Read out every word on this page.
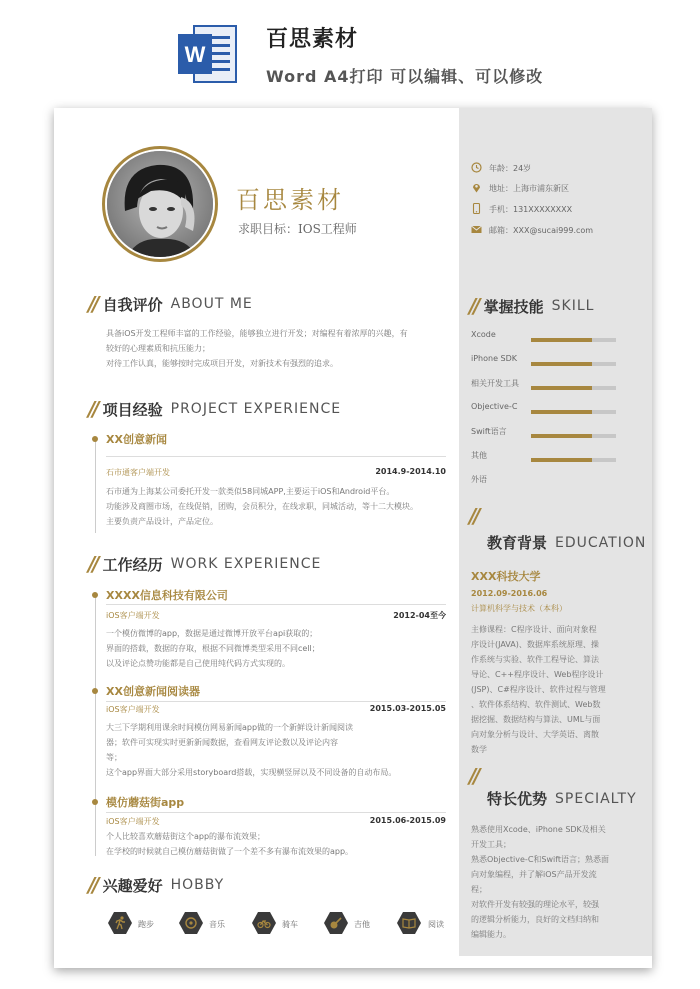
W
百思素材
Word A4打印 可以编辑、可以修改
百思素材
求职目标：IOS工程师
// 自我评价 ABOUT ME
具备iOS开发工程师丰富的工作经验，能够独立进行开发；对编程有着浓厚的兴趣，有
较好的心理素质和抗压能力；
对待工作认真，能够按时完成项目开发，对新技术有强烈的追求。
// 项目经验 PROJECT EXPERIENCE
XX创意新闻
石市通客户端开发	2014.9-2014.10
石市通为上海某公司委托开发一款类似58同城APP,主要运于iOS和Android平台。
功能涉及商圈市场，在线促销，团购，会员积分，在线求职，同城活动，等十二大模块。
主要负责产品设计，产品定位。
// 工作经历 WORK EXPERIENCE
XXXX信息科技有限公司
iOS客户端开发	2012-04至今
一个模仿微博的app，数据是通过微博开放平台api获取的；
界面的搭载，数据的存取，根据不同微博类型采用不同cell；
以及评论点赞功能都是自己使用纯代码方式实现的。
XX创意新闻阅读器
iOS客户端开发	2015.03-2015.05
大三下学期利用课余时间模仿网易新闻app做的一个新鲜设计新闻阅读
器；软件可实现实时更新新闻数据，查看网友评论数以及评论内容
等；
这个app界面大部分采用storyboard搭载，实现横竖屏以及不同设备的自动布局。
模仿蘑菇街app
iOS客户端开发	2015.06-2015.09
个人比较喜欢蘑菇街这个app的瀑布流效果；
在学校的时候就自己模仿蘑菇街做了一个差不多有瀑布流效果的app。
// 兴趣爱好 HOBBY
跑步	音乐	骑车	吉他	阅读
年龄：24岁
地址：上海市浦东新区
手机：131XXXXXXXX
邮箱：XXX@sucai999.com
// 掌握技能 SKILL
Xcode
iPhone SDK
相关开发工具
Objective-C
Swift语言
其他
外语
//
教育背景 EDUCATION
XXX科技大学
2012.09-2016.06
计算机科学与技术（本科）
主修课程：C程序设计、面向对象程
序设计(JAVA)、数据库系统原理、操
作系统与实验、软件工程导论、算法
导论、C++程序设计、Web程序设计
(JSP)、C#程序设计、软件过程与管理
、软件体系结构、软件测试、Web数
据挖掘、数据结构与算法、UML与面
向对象分析与设计、大学英语、离散
数学
//
特长优势 SPECIALTY
熟悉使用Xcode、iPhone SDK及相关
开发工具；
熟悉Objective-C和Swift语言；熟悉面
向对象编程，并了解iOS产品开发流
程；
对软件开发有较强的理论水平，较强
的逻辑分析能力，良好的文档归纳和
编辑能力。
